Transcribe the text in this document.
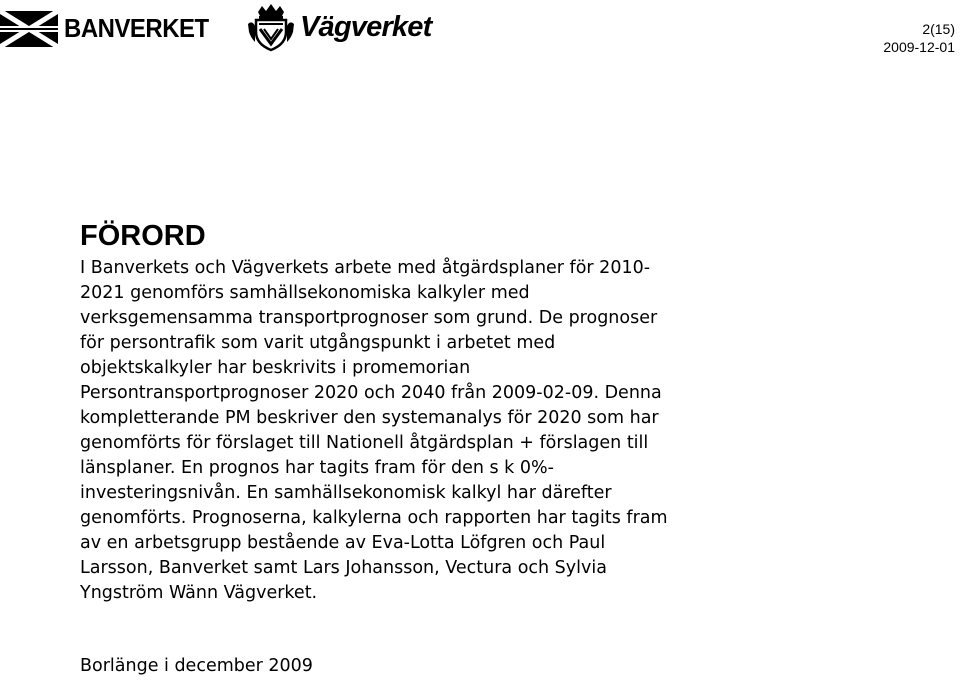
BANVERKET	Vägverket	2(15)
2009-12-01
FÖRORD

I Banverkets och Vägverkets arbete med åtgärdsplaner för 2010-
2021 genomförs samhällsekonomiska kalkyler med
verksgemensamma transportprognoser som grund. De prognoser
för persontrafik som varit utgångspunkt i arbetet med
objektskalkyler har beskrivits i promemorian
Persontransportprognoser 2020 och 2040 från 2009-02-09. Denna
kompletterande PM beskriver den systemanalys för 2020 som har
genomförts för förslaget till Nationell åtgärdsplan + förslagen till
länsplaner. En prognos har tagits fram för den s k 0%-
investeringsnivån. En samhällsekonomisk kalkyl har därefter
genomförts. Prognoserna, kalkylerna och rapporten har tagits fram
av en arbetsgrupp bestående av Eva-Lotta Löfgren och Paul
Larsson, Banverket samt Lars Johansson, Vectura och Sylvia
Yngström Wänn Vägverket.

Borlänge i december 2009
